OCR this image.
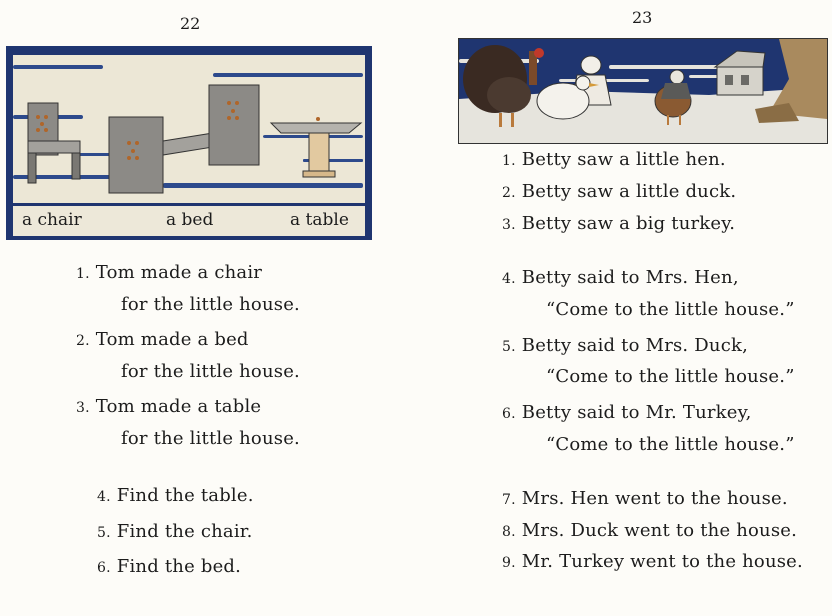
22
a chair	a bed	a table
1. Tom made a chair
for the little house.
2. Tom made a bed
for the little house.
3. Tom made a table
for the little house.
4. Find the table.
5. Find the chair.
6. Find the bed.
23
1. Betty saw a little hen.
2. Betty saw a little duck.
3. Betty saw a big turkey.
4. Betty said to Mrs. Hen,
“Come to the little house.”
5. Betty said to Mrs. Duck,
“Come to the little house.”
6. Betty said to Mr. Turkey,
“Come to the little house.”
7. Mrs. Hen went to the house.
8. Mrs. Duck went to the house.
9. Mr. Turkey went to the house.
